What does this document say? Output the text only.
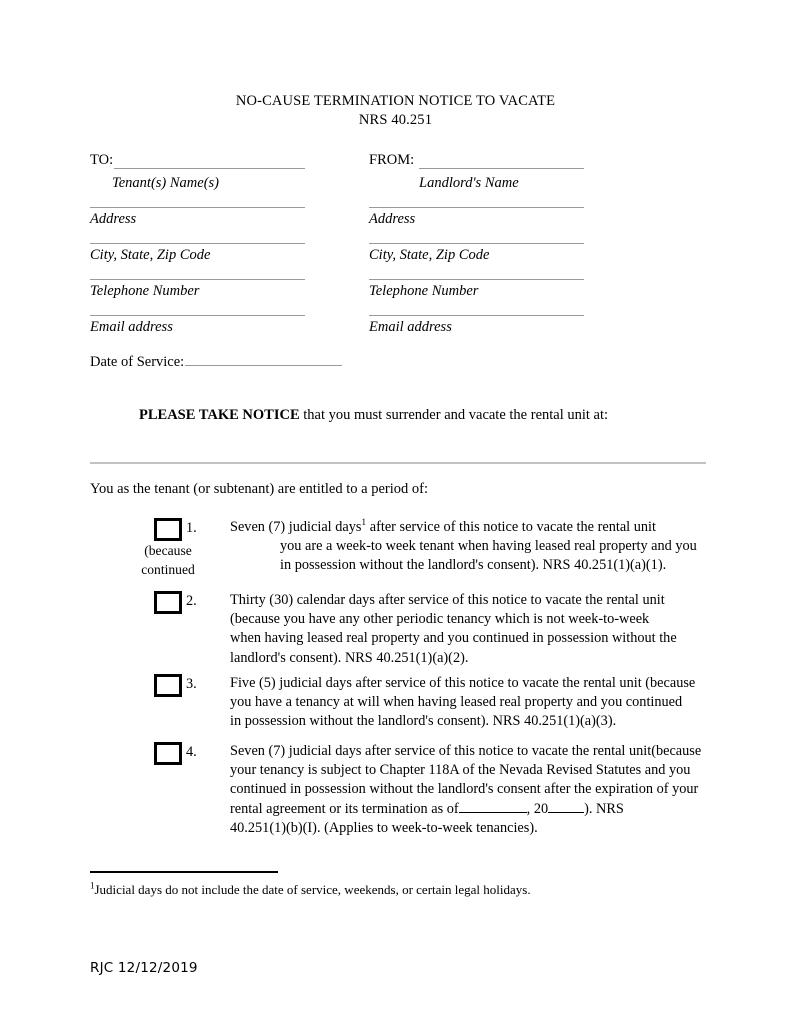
NO-CAUSE TERMINATION NOTICE TO VACATE
NRS 40.251
TO:
Tenant(s) Name(s)
Address
City, State, Zip Code
Telephone Number
Email address
FROM:
Landlord's Name
Address
City, State, Zip Code
Telephone Number
Email address
Date of Service:
PLEASE TAKE NOTICE that you must surrender and vacate the rental unit at:
You as the tenant (or subtenant) are entitled to a period of:
(because
continued
1.	Seven (7) judicial days$^1$ after service of this notice to vacate the rental unit
you are a week-to week tenant when having leased real property and you
in possession without the landlord's consent). NRS 40.251(1)(a)(1).
2.	Thirty (30) calendar days after service of this notice to vacate the rental unit
(because you have any other periodic tenancy which is not week-to-week
when having leased real property and you continued in possession without the
landlord's consent). NRS 40.251(1)(a)(2).
3.	Five (5) judicial days after service of this notice to vacate the rental unit (because
you have a tenancy at will when having leased real property and you continued
in possession without the landlord's consent). NRS 40.251(1)(a)(3).
4.	Seven (7) judicial days after service of this notice to vacate the rental unit(because
your tenancy is subject to Chapter 118A of the Nevada Revised Statutes and you
continued in possession without the landlord's consent after the expiration of your
rental agreement or its termination as of	, 20	). NRS
40.251(1)(b)(I). (Applies to week-to-week tenancies).
$^1$Judicial days do not include the date of service, weekends, or certain legal holidays.
RJC 12/12/2019
